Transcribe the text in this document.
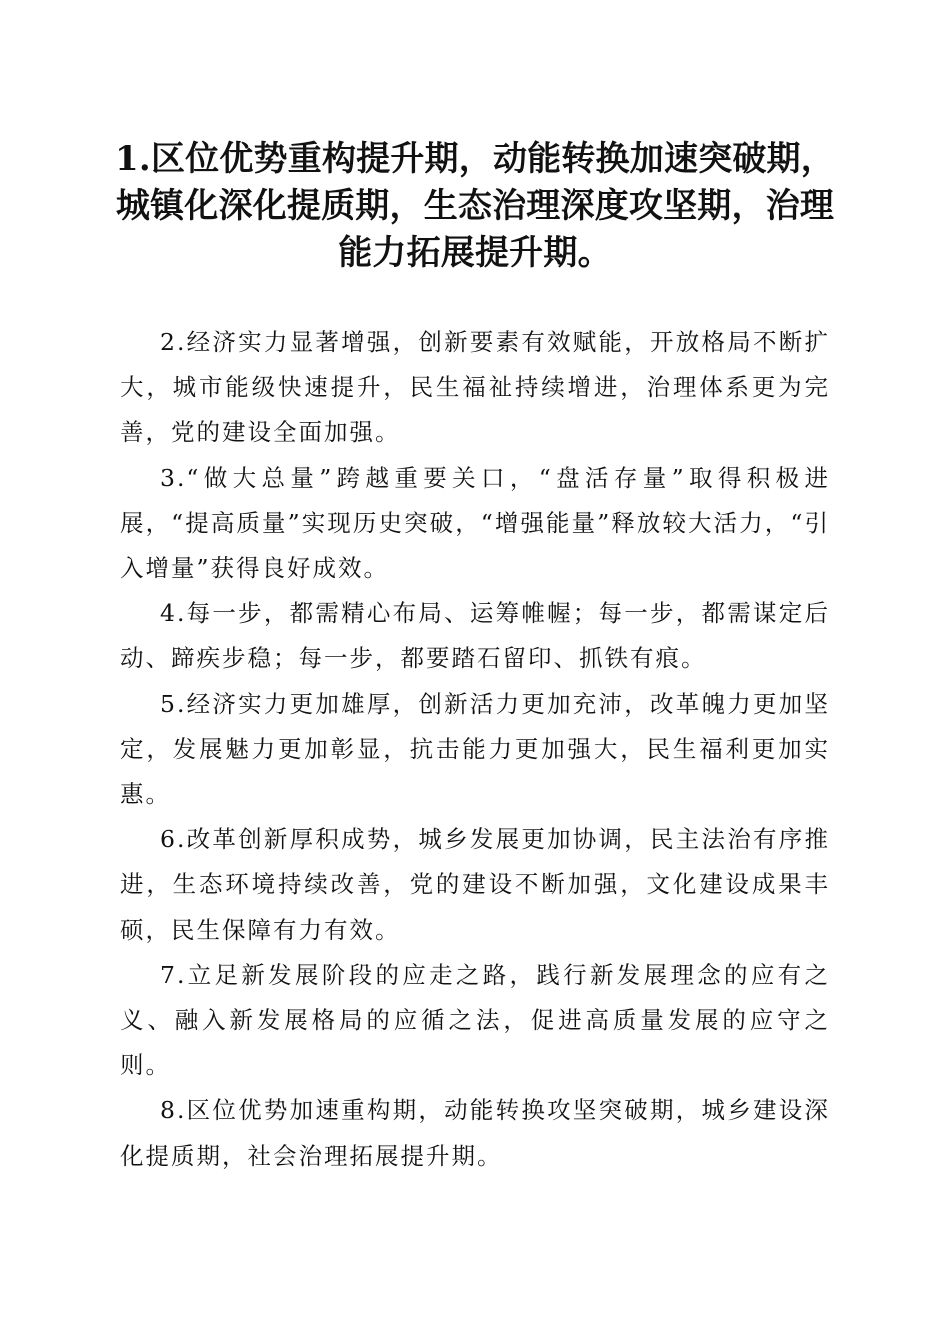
1.区位优势重构提升期，动能转换加速突破期，城镇化深化提质期，生态治理深度攻坚期，治理能力拓展提升期。

2.经济实力显著增强，创新要素有效赋能，开放格局不断扩大，城市能级快速提升，民生福祉持续增进，治理体系更为完善，党的建设全面加强。

3.“做大总量”跨越重要关口，“盘活存量”取得积极进展，“提高质量”实现历史突破，“增强能量”释放较大活力，“引入增量”获得良好成效。

4.每一步，都需精心布局、运筹帷幄；每一步，都需谋定后动、蹄疾步稳；每一步，都要踏石留印、抓铁有痕。

5.经济实力更加雄厚，创新活力更加充沛，改革魄力更加坚定，发展魅力更加彰显，抗击能力更加强大，民生福利更加实惠。

6.改革创新厚积成势，城乡发展更加协调，民主法治有序推进，生态环境持续改善，党的建设不断加强，文化建设成果丰硕，民生保障有力有效。

7.立足新发展阶段的应走之路，践行新发展理念的应有之义、融入新发展格局的应循之法，促进高质量发展的应守之则。

8.区位优势加速重构期，动能转换攻坚突破期，城乡建设深化提质期，社会治理拓展提升期。
